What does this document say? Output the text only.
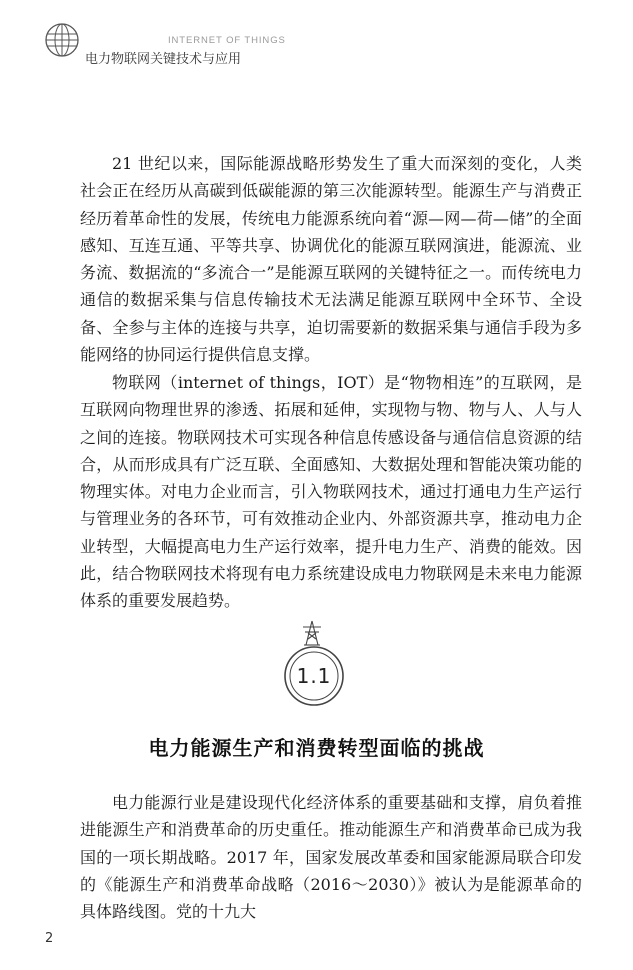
INTERNET OF THINGS
电力物联网关键技术与应用

21 世纪以来，国际能源战略形势发生了重大而深刻的变化，人类社会正在经历从高碳到低碳能源的第三次能源转型。能源生产与消费正经历着革命性的发展，传统电力能源系统向着“源—网—荷—储”的全面感知、互连互通、平等共享、协调优化的能源互联网演进，能源流、业务流、数据流的“多流合一”是能源互联网的关键特征之一。而传统电力通信的数据采集与信息传输技术无法满足能源互联网中全环节、全设备、全参与主体的连接与共享，迫切需要新的数据采集与通信手段为多能网络的协同运行提供信息支撑。

物联网（internet of things，IOT）是“物物相连”的互联网，是互联网向物理世界的渗透、拓展和延伸，实现物与物、物与人、人与人之间的连接。物联网技术可实现各种信息传感设备与通信信息资源的结合，从而形成具有广泛互联、全面感知、大数据处理和智能决策功能的物理实体。对电力企业而言，引入物联网技术，通过打通电力生产运行与管理业务的各环节，可有效推动企业内、外部资源共享，推动电力企业转型，大幅提高电力生产运行效率，提升电力生产、消费的能效。因此，结合物联网技术将现有电力系统建设成电力物联网是未来电力能源体系的重要发展趋势。

1.1
电力能源生产和消费转型面临的挑战

电力能源行业是建设现代化经济体系的重要基础和支撑，肩负着推进能源生产和消费革命的历史重任。推动能源生产和消费革命已成为我国的一项长期战略。2017 年，国家发展改革委和国家能源局联合印发的《能源生产和消费革命战略（2016～2030）》被认为是能源革命的具体路线图。党的十九大

2
